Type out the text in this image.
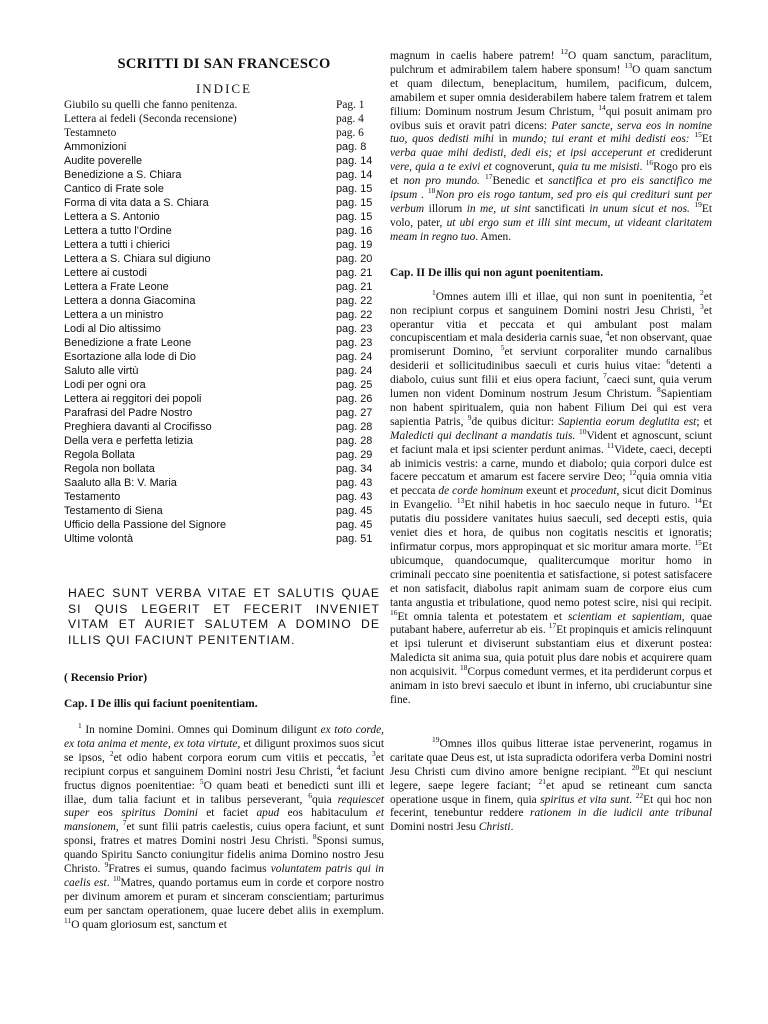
SCRITTI DI SAN FRANCESCO
INDICE
Giubilo su quelli che fanno penitenza.	Pag. 1
Lettera ai fedeli (Seconda recensione)	pag. 4
Testamneto	pag. 6
Ammonizioni	pag. 8
Audite poverelle	pag. 14
Benedizione a S. Chiara	pag. 14
Cantico di Frate sole	pag. 15
Forma di vita data a S. Chiara	pag. 15
Lettera a S. Antonio	pag. 15
Lettera a tutto l’Ordine	pag. 16
Lettera a tutti i chierici	pag. 19
Lettera a S. Chiara sul digiuno	pag. 20
Lettere ai custodi	pag. 21
Lettera a Frate Leone	pag. 21
Lettera a donna Giacomina	pag. 22
Lettera a un ministro	pag. 22
Lodi al Dio altissimo	pag. 23
Benedizione a frate Leone	pag. 23
Esortazione alla lode di Dio	pag. 24
Saluto alle virtù	pag. 24
Lodi per ogni ora	pag. 25
Lettera ai reggitori dei popoli	pag. 26
Parafrasi del Padre Nostro	pag. 27
Preghiera davanti al Crocifisso	pag. 28
Della vera e perfetta letizia	pag. 28
Regola Bollata	pag. 29
Regola non bollata	pag. 34
Saaluto alla B: V. Maria	pag. 43
Testamento	pag. 43
Testamento di Siena	pag. 45
Ufficio della Passione del Signore	pag. 45
Ultime volontà	pag. 51

HAEC SUNT VERBA VITAE ET SALUTIS QUAE SI QUIS LEGERIT ET FECERIT INVENIET VITAM ET AURIET SALUTEM A DOMINO DE ILLIS QUI FACIUNT PENITENTIAM.

( Recensio Prior)

Cap. I De illis qui faciunt poenitentiam.

$^1$ In nomine Domini. Omnes qui Dominum diligunt ex toto corde, ex tota anima et mente, ex tota virtute, et diligunt proximos suos sicut se ipsos, $^2$et odio habent corpora eorum cum vitiis et peccatis, $^3$et recipiunt corpus et sanguinem Domini nostri Jesu Christi, $^4$et faciunt fructus dignos poenitentiae: $^5$O quam beati et benedicti sunt illi et illae, dum talia faciunt et in talibus perseverant, $^6$quia requiescet super eos spiritus Domini et faciet apud eos habitaculum et mansionem, $^7$et sunt filii patris caelestis, cuius opera faciunt, et sunt sponsi, fratres et matres Domini nostri Jesu Christi. $^8$Sponsi sumus, quando Spiritu Sancto coniungitur fidelis anima Domino nostro Jesu Christo. $^9$Fratres ei sumus, quando facimus voluntatem patris qui in caelis est. $^{10}$Matres, quando portamus eum in corde et corpore nostro per divinum amorem et puram et sinceram conscientiam; parturimus eum per sanctam operationem, quae lucere debet aliis in exemplum. $^{11}$O quam gloriosum est, sanctum et

magnum in caelis habere patrem! $^{12}$O quam sanctum, paraclitum, pulchrum et admirabilem talem habere sponsum! $^{13}$O quam sanctum et quam dilectum, beneplacitum, humilem, pacificum, dulcem, amabilem et super omnia desiderabilem habere talem fratrem et talem filium: Dominum nostrum Jesum Christum, $^{14}$qui posuit animam pro ovibus suis et oravit patri dicens: Pater sancte, serva eos in nomine tuo, quos dedisti mihi in mundo; tui erant et mihi dedisti eos: $^{15}$Et verba quae mihi dedisti, dedi eis; et ipsi acceperunt et crediderunt vere, quia a te exivi et cognoverunt, quia tu me misisti. $^{16}$Rogo pro eis et non pro mundo. $^{17}$Benedic et sanctifica et pro eis sanctifico me ipsum . $^{18}$Non pro eis rogo tantum, sed pro eis qui credituri sunt per verbum illorum in me, ut sint sanctificati in unum sicut et nos. $^{19}$Et volo, pater, ut ubi ergo sum et illi sint mecum, ut videant claritatem meam in regno tuo. Amen.

Cap. II De illis qui non agunt poenitentiam.

$^1$Omnes autem illi et illae, qui non sunt in poenitentia, $^2$et non recipiunt corpus et sanguinem Domini nostri Jesu Christi, $^3$et operantur vitia et peccata et qui ambulant post malam concupiscentiam et mala desideria carnis suae, $^4$et non observant, quae promiserunt Domino, $^5$et serviunt corporaliter mundo carnalibus desiderii et sollicitudinibus saeculi et curis huius vitae: $^6$detenti a diabolo, cuius sunt filii et eius opera faciunt, $^7$caeci sunt, quia verum lumen non vident Dominum nostrum Jesum Christum. $^8$Sapientiam non habent spiritualem, quia non habent Filium Dei qui est vera sapientia Patris, $^9$de quibus dicitur: Sapientia eorum deglutita est; et Maledicti qui declinant a mandatis tuis. $^{10}$Vident et agnoscunt, sciunt et faciunt mala et ipsi scienter perdunt animas. $^{11}$Videte, caeci, decepti ab inimicis vestris: a carne, mundo et diabolo; quia corpori dulce est facere peccatum et amarum est facere servire Deo; $^{12}$quia omnia vitia et peccata de corde hominum exeunt et procedunt, sicut dicit Dominus in Evangelio. $^{13}$Et nihil habetis in hoc saeculo neque in futuro. $^{14}$Et putatis diu possidere vanitates huius saeculi, sed decepti estis, quia veniet dies et hora, de quibus non cogitatis nescitis et ignoratis; infirmatur corpus, mors appropinquat et sic moritur amara morte. $^{15}$Et ubicumque, quandocumque, qualitercumque moritur homo in criminali peccato sine poenitentia et satisfactione, si potest satisfacere et non satisfacit, diabolus rapit animam suam de corpore eius cum tanta angustia et tribulatione, quod nemo potest scire, nisi qui recipit. $^{16}$Et omnia talenta et potestatem et scientiam et sapientiam, quae putabant habere, auferretur ab eis. $^{17}$Et propinquis et amicis relinquunt et ipsi tulerunt et diviserunt substantiam eius et dixerunt postea: Maledicta sit anima sua, quia potuit plus dare nobis et acquirere quam non acquisivit. $^{18}$Corpus comedunt vermes, et ita perdiderunt corpus et animam in isto brevi saeculo et ibunt in inferno, ubi cruciabuntur sine fine.

$^{19}$Omnes illos quibus litterae istae pervenerint, rogamus in caritate quae Deus est, ut ista supradicta odorifera verba Domini nostri Jesu Christi cum divino amore benigne recipiant. $^{20}$Et qui nesciunt legere, saepe legere faciant; $^{21}$et apud se retineant cum sancta operatione usque in finem, quia spiritus et vita sunt. $^{22}$Et qui hoc non fecerint, tenebuntur reddere rationem in die iudicii ante tribunal Domini nostri Jesu Christi.
